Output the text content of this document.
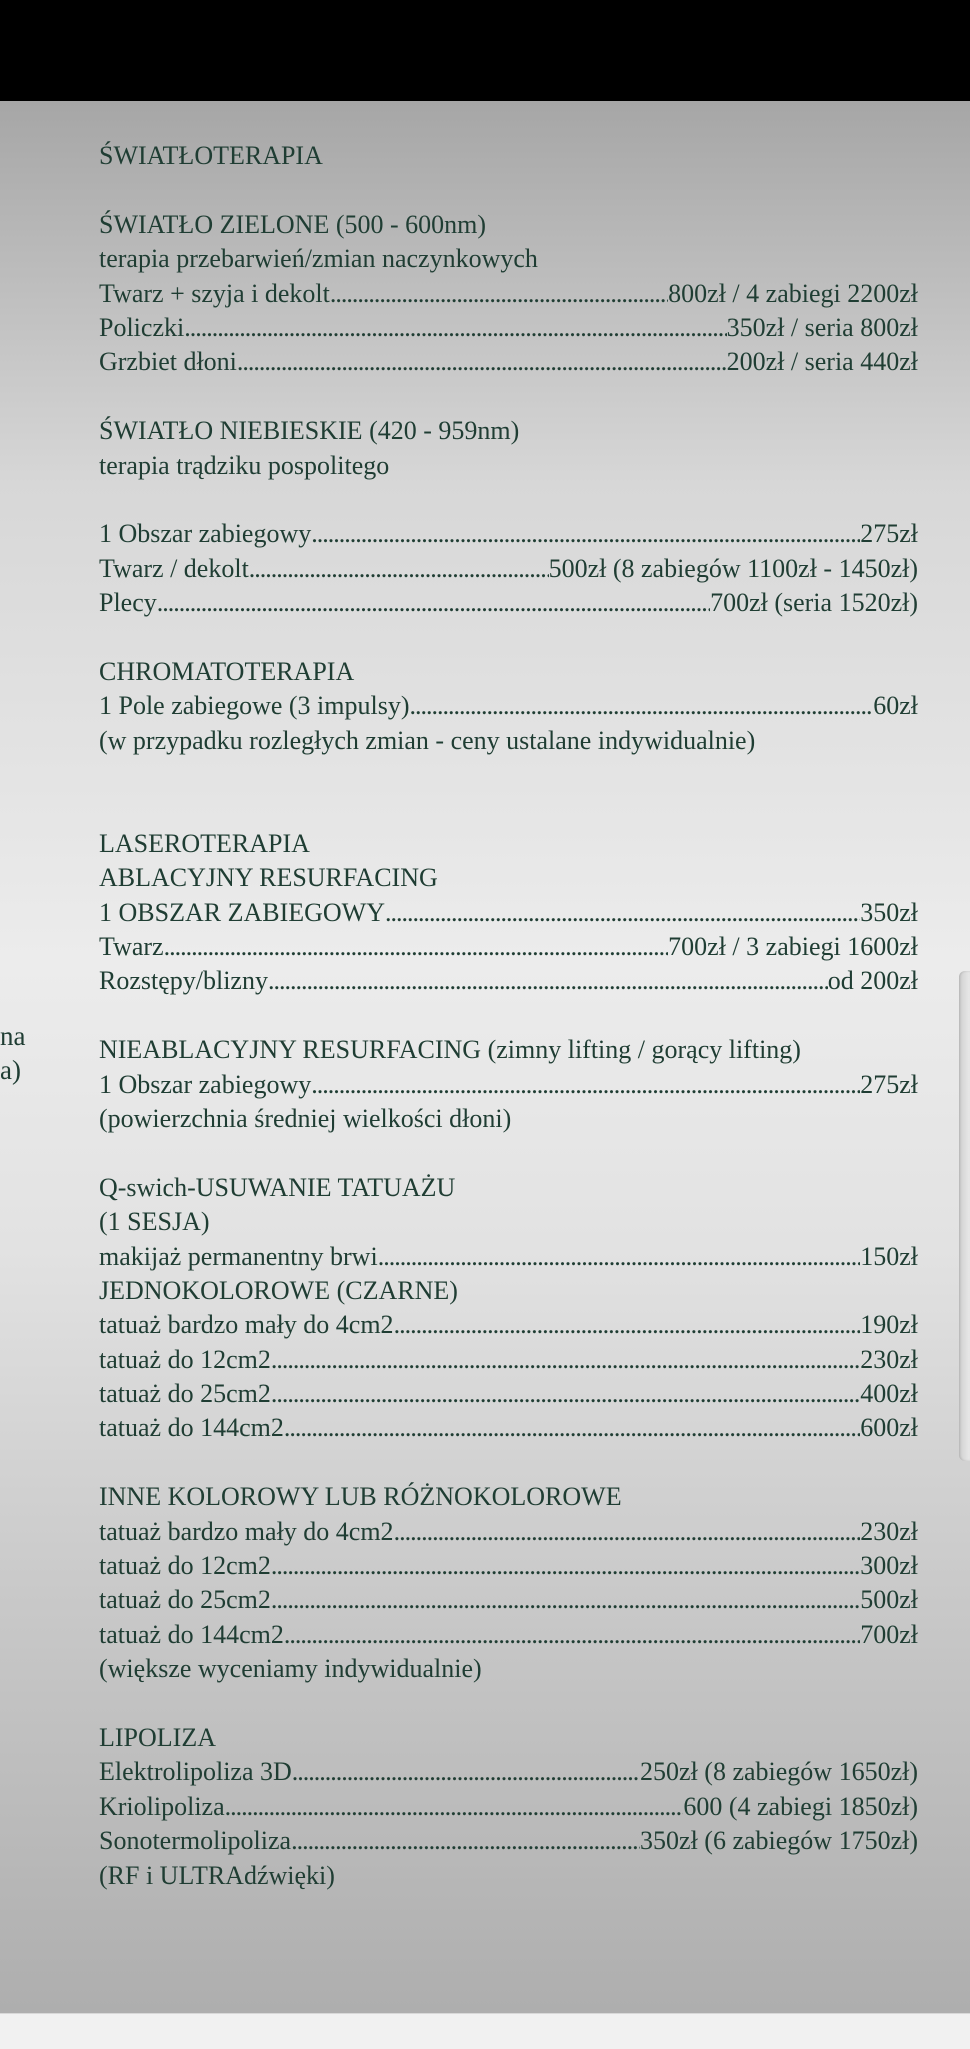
na
a)
ŚWIATŁOTERAPIA
ŚWIATŁO ZIELONE (500 - 600nm)
terapia przebarwień/zmian naczynkowych
Twarz + szyja i dekolt .....	800zł / 4 zabiegi 2200zł
Policzki .....	350zł / seria 800zł
Grzbiet dłoni .....	200zł / seria 440zł
ŚWIATŁO NIEBIESKIE (420 - 959nm)
terapia trądziku pospolitego
1 Obszar zabiegowy .....	275zł
Twarz / dekolt .....	500zł (8 zabiegów 1100zł - 1450zł)
Plecy .....	700zł (seria 1520zł)
CHROMATOTERAPIA
1 Pole zabiegowe (3 impulsy) .....	60zł
(w przypadku rozległych zmian - ceny ustalane indywidualnie)
LASEROTERAPIA
ABLACYJNY RESURFACING
1 OBSZAR ZABIEGOWY .....	350zł
Twarz .....	700zł / 3 zabiegi 1600zł
Rozstępy/blizny .....	od 200zł
NIEABLACYJNY RESURFACING (zimny lifting / gorący lifting)
1 Obszar zabiegowy .....	275zł
(powierzchnia średniej wielkości dłoni)
Q-swich-USUWANIE TATUAŻU
(1 SESJA)
makijaż permanentny brwi .....	150zł
JEDNOKOLOROWE (CZARNE)
tatuaż bardzo mały do 4cm2 .....	190zł
tatuaż do 12cm2 .....	230zł
tatuaż do 25cm2 .....	400zł
tatuaż do 144cm2 .....	600zł
INNE KOLOROWY LUB RÓŻNOKOLOROWE
tatuaż bardzo mały do 4cm2 .....	230zł
tatuaż do 12cm2 .....	300zł
tatuaż do 25cm2 .....	500zł
tatuaż do 144cm2 .....	700zł
(większe wyceniamy indywidualnie)
LIPOLIZA
Elektrolipoliza 3D .....	250zł (8 zabiegów 1650zł)
Kriolipoliza .....	600 (4 zabiegi 1850zł)
Sonotermolipoliza .....	350zł (6 zabiegów 1750zł)
(RF i ULTRAdźwięki)
